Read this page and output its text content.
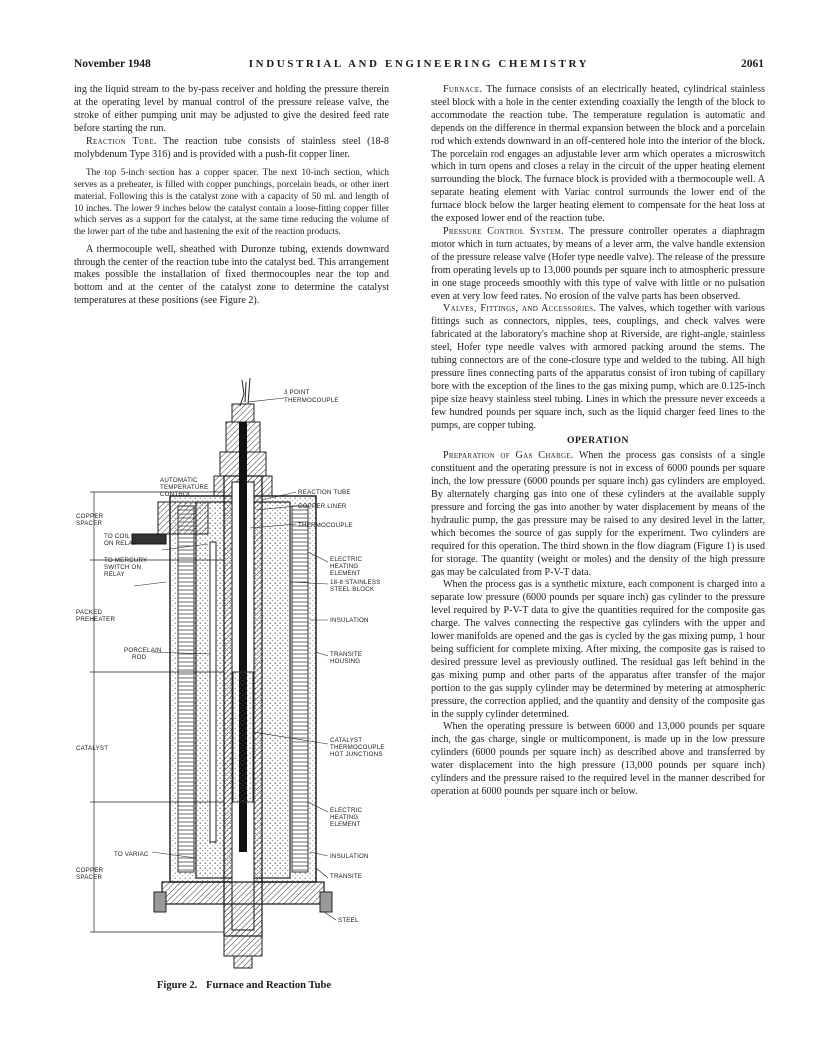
November 1948	INDUSTRIAL AND ENGINEERING CHEMISTRY	2061

ing the liquid stream to the by-pass receiver and holding the pressure therein at the operating level by manual control of the pressure release valve, the stroke of either pumping unit may be adjusted to give the desired feed rate before starting the run.

Reaction Tube. The reaction tube consists of stainless steel (18-8 molybdenum Type 316) and is provided with a push-fit copper liner.

The top 5-inch section has a copper spacer. The next 10-inch section, which serves as a preheater, is filled with copper punchings, porcelain beads, or other inert material. Following this is the catalyst zone with a capacity of 50 ml. and length of 10 inches. The lower 9 inches below the catalyst contain a loose-fitting copper filler which serves as a support for the catalyst, at the same time reducing the volume of the lower part of the tube and hastening the exit of the reaction products.

A thermocouple well, sheathed with Duronze tubing, extends downward through the center of the reaction tube into the catalyst bed. This arrangement makes possible the installation of fixed thermocouples near the top and bottom and at the center of the catalyst zone to determine the catalyst temperatures at these positions (see Figure 2).

Furnace. The furnace consists of an electrically heated, cylindrical stainless steel block with a hole in the center extending coaxially the length of the block to accommodate the reaction tube. The temperature regulation is automatic and depends on the difference in thermal expansion between the block and a porcelain rod which extends downward in an off-centered hole into the interior of the block. The porcelain rod engages an adjustable lever arm which operates a microswitch which in turn opens and closes a relay in the circuit of the upper heating element surrounding the block. The furnace block is provided with a thermocouple well. A separate heating element with Variac control surrounds the lower end of the furnace block below the larger heating element to compensate for the heat loss at the exposed lower end of the reaction tube.

Pressure Control System. The pressure controller operates a diaphragm motor which in turn actuates, by means of a lever arm, the valve handle extension of the pressure release valve (Hofer type needle valve). The release of the pressure from operating levels up to 13,000 pounds per square inch to atmospheric pressure in one stage proceeds smoothly with this type of valve with little or no pulsation even at very low feed rates. No erosion of the valve parts has been observed.

Valves, Fittings, and Accessories. The valves, which together with various fittings such as connectors, nipples, tees, couplings, and check valves were fabricated at the laboratory's machine shop at Riverside, are right-angle, stainless steel, Hofer type needle valves with armored packing around the stems. The tubing connectors are of the cone-closure type and welded to the tubing. All high pressure lines connecting parts of the apparatus consist of iron tubing of capillary bore with the exception of the lines to the gas mixing pump, which are 0.125-inch pipe size heavy stainless steel tubing. Lines in which the pressure never exceeds a few hundred pounds per square inch, such as the liquid charger feed lines to the pumps, are copper tubing.

OPERATION

Preparation of Gas Charge. When the process gas consists of a single constituent and the operating pressure is not in excess of 6000 pounds per square inch, the low pressure (6000 pounds per square inch) gas cylinders are employed. By alternately charging gas into one of these cylinders at the available supply pressure and forcing the gas into another by water displacement by means of the hydraulic pump, the gas pressure may be raised to any desired level in the latter, which becomes the source of gas supply for the experiment. Two cylinders are required for this operation. The third shown in the flow diagram (Figure 1) is used for storage. The quantity (weight or moles) and the density of the high pressure gas may be calculated from P-V-T data.

When the process gas is a synthetic mixture, each component is charged into a separate low pressure (6000 pounds per square inch) gas cylinder to the pressure level required by P-V-T data to give the quantities required for the composite gas charge. The valves connecting the respective gas cylinders with the upper and lower manifolds are opened and the gas is cycled by the gas mixing pump, 1 hour being sufficient for complete mixing. After mixing, the composite gas is raised to desired pressure level as previously outlined. The residual gas left behind in the gas mixing pump and other parts of the apparatus after transfer of the major portion to the gas supply cylinder may be determined by metering at atmospheric pressure, the correction applied, and the quantity and density of the composite gas in the supply cylinder determined.

When the operating pressure is between 6000 and 13,000 pounds per square inch, the gas charge, single or multicomponent, is made up in the low pressure cylinders (6000 pounds per square inch) as described above and transferred by water displacement into the high pressure (13,000 pounds per square inch) cylinders and the pressure raised to the required level in the manner described for operation at 6000 pounds per square inch or below.

3 POINT
THERMOCOUPLE
AUTOMATIC
TEMPERATURE
CONTROL	REACTION TUBE
COPPER LINER
COPPER
SPACER
TO COIL
ON RELAY
THERMOCOUPLE
TO MERCURY
SWITCH ON
RELAY
ELECTRIC
HEATING
ELEMENT
18-8 STAINLESS
STEEL BLOCK
PACKED
PREHEATER	INSULATION
PORCELAIN
ROD	TRANSITE
HOUSING
CATALYST
THERMOCOUPLE
HOT JUNCTIONS
CATALYST
ELECTRIC
HEATING
ELEMENT
TO VARIAC	INSULATION
COPPER
SPACER	TRANSITE
STEEL
Figure 2. Furnace and Reaction Tube
